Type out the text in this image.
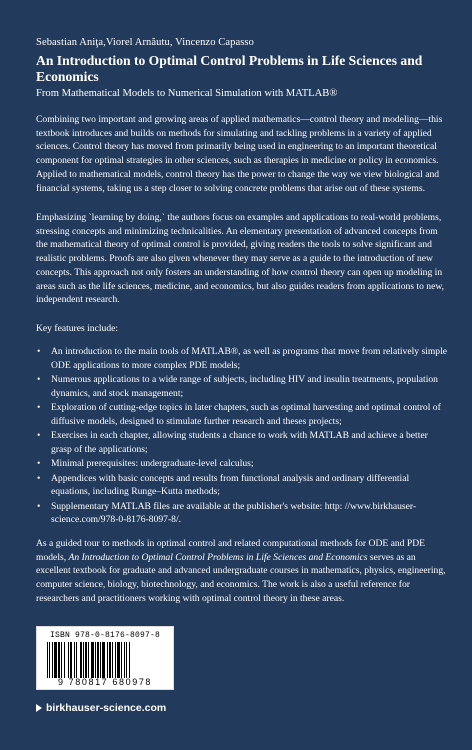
Sebastian Aniţa,Viorel Arnăutu, Vincenzo Capasso
An Introduction to Optimal Control Problems in Life Sciences and Economics
From Mathematical Models to Numerical Simulation with MATLAB®

Combining two important and growing areas of applied mathematics—control theory and modeling—this textbook introduces and builds on methods for simulating and tackling problems in a variety of applied sciences. Control theory has moved from primarily being used in engineering to an important theoretical component for optimal strategies in other sciences, such as therapies in medicine or policy in economics. Applied to mathematical models, control theory has the power to change the way we view biological and financial systems, taking us a step closer to solving concrete problems that arise out of these systems.

Emphasizing `learning by doing,` the authors focus on examples and applications to real-world problems, stressing concepts and minimizing technicalities. An elementary presentation of advanced concepts from the mathematical theory of optimal control is provided, giving readers the tools to solve significant and realistic problems. Proofs are also given whenever they may serve as a guide to the introduction of new concepts. This approach not only fosters an understanding of how control theory can open up modeling in areas such as the life sciences, medicine, and economics, but also guides readers from applications to new, independent research.

Key features include:
• An introduction to the main tools of MATLAB®, as well as programs that move from relatively simple ODE applications to more complex PDE models;
• Numerous applications to a wide range of subjects, including HIV and insulin treatments, population dynamics, and stock management;
• Exploration of cutting-edge topics in later chapters, such as optimal harvesting and optimal control of diffusive models, designed to stimulate further research and theses projects;
• Exercises in each chapter, allowing students a chance to work with MATLAB and achieve a better grasp of the applications;
• Minimal prerequisites: undergraduate-level calculus;
• Appendices with basic concepts and results from functional analysis and ordinary differential equations, including Runge–Kutta methods;
• Supplementary MATLAB files are available at the publisher's website: http: //www.birkhauser-science.com/978-0-8176-8097-8/.

As a guided tour to methods in optimal control and related computational methods for ODE and PDE models, An Introduction to Optimal Control Problems in Life Sciences and Economics serves as an excellent textbook for graduate and advanced undergraduate courses in mathematics, physics, engineering, computer science, biology, biotechnology, and economics. The work is also a useful reference for researchers and practitioners working with optimal control theory in these areas.

ISBN 978-0-8176-8097-8
9 780817 680978
birkhauser-science.com
